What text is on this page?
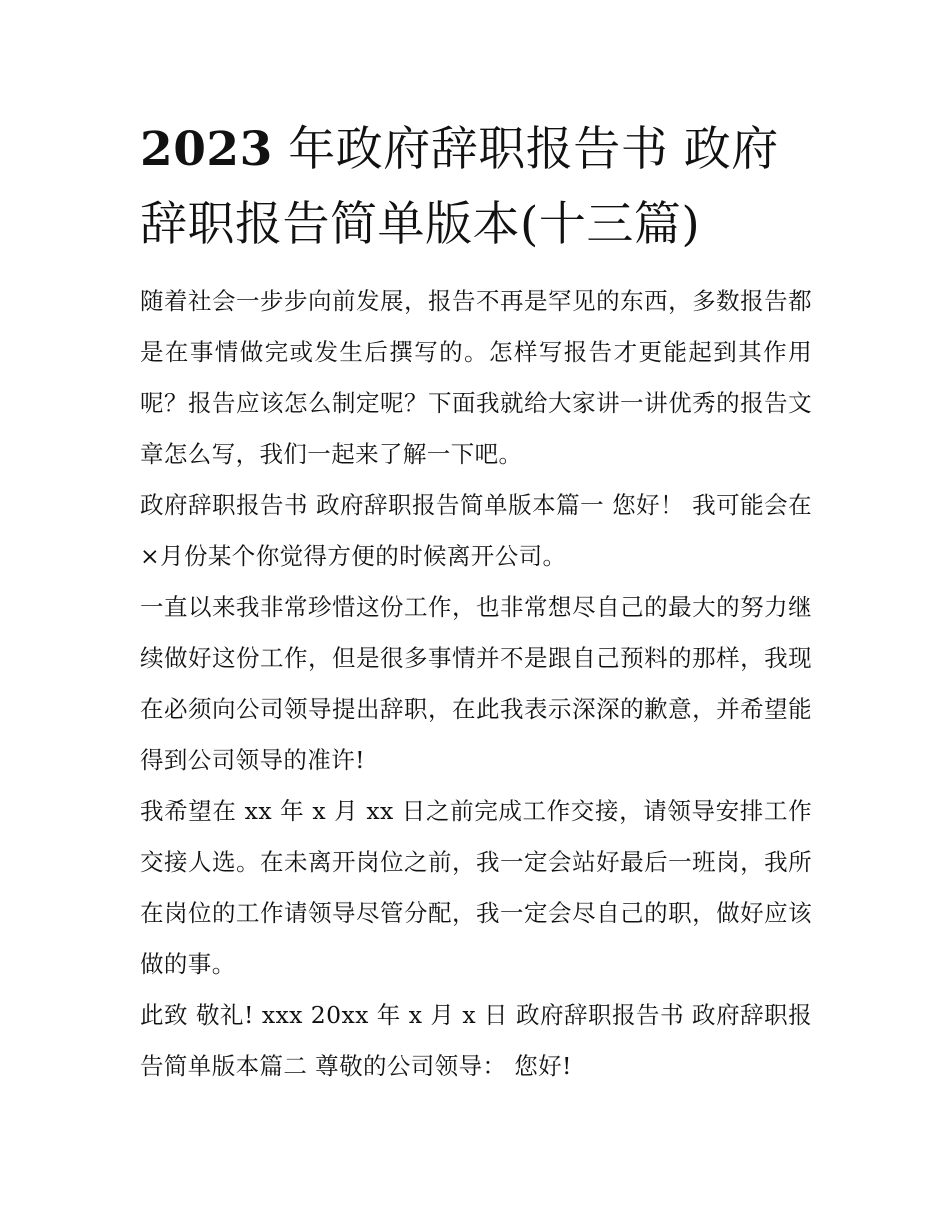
2023 年政府辞职报告书 政府辞职报告简单版本(十三篇)

随着社会一步步向前发展，报告不再是罕见的东西，多数报告都是在事情做完或发生后撰写的。怎样写报告才更能起到其作用呢？报告应该怎么制定呢？下面我就给大家讲一讲优秀的报告文章怎么写，我们一起来了解一下吧。

政府辞职报告书 政府辞职报告简单版本篇一 您好！ 我可能会在×月份某个你觉得方便的时候离开公司。

一直以来我非常珍惜这份工作，也非常想尽自己的最大的努力继续做好这份工作，但是很多事情并不是跟自己预料的那样，我现在必须向公司领导提出辞职，在此我表示深深的歉意，并希望能得到公司领导的准许!

我希望在 xx 年 x 月 xx 日之前完成工作交接，请领导安排工作交接人选。在未离开岗位之前，我一定会站好最后一班岗，我所在岗位的工作请领导尽管分配，我一定会尽自己的职，做好应该做的事。

此致 敬礼! xxx 20xx 年 x 月 x 日 政府辞职报告书 政府辞职报告简单版本篇二 尊敬的公司领导： 您好!
